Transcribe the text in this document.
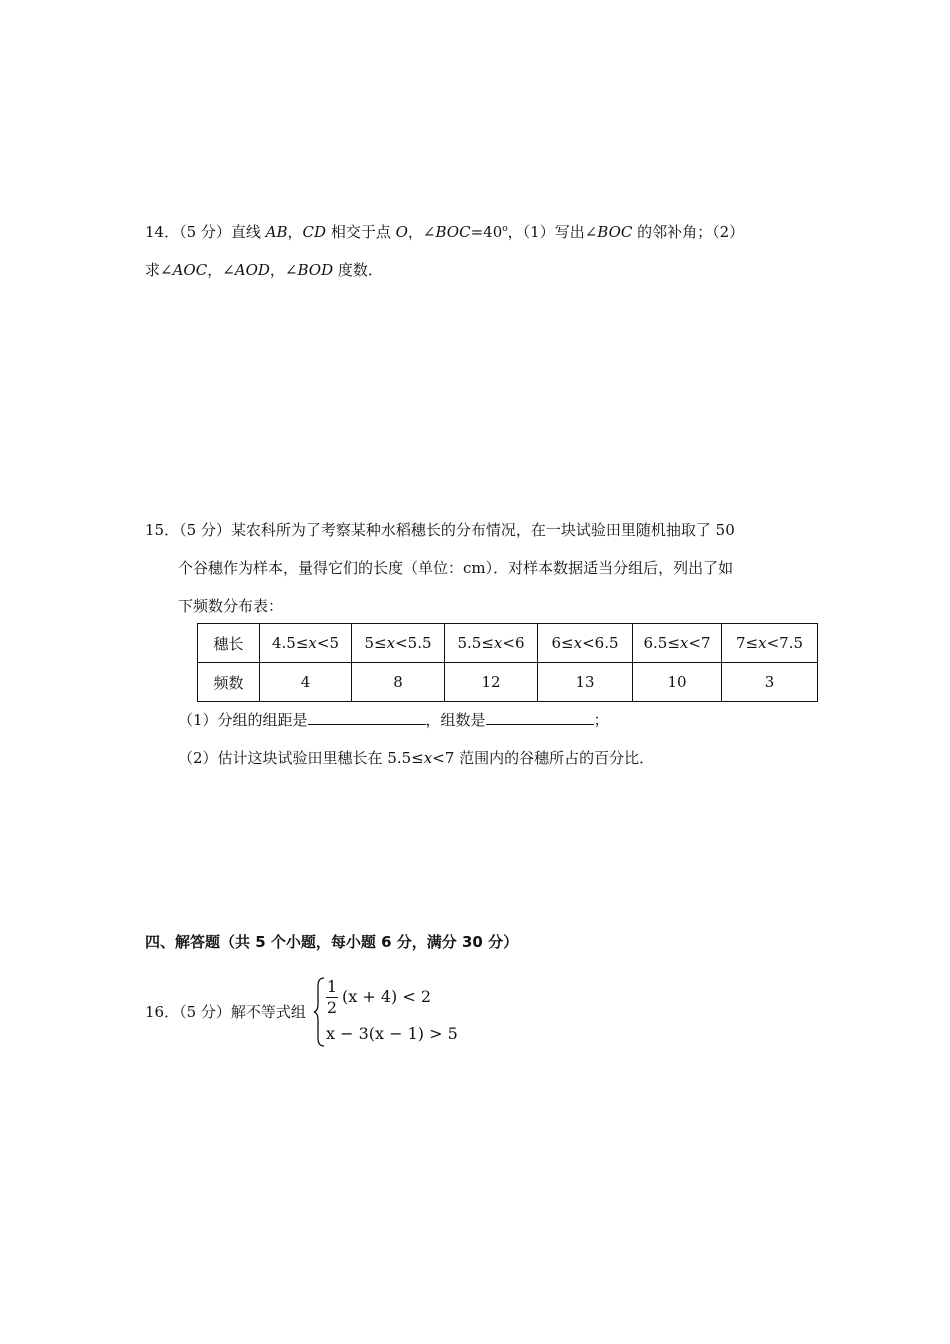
14．（5 分）直线 AB，CD 相交于点 O，$\angle BOC=40^o$，（1）写出∠BOC 的邻补角；（2）
求∠AOC，∠AOD，∠BOD 度数．
15．（5 分）某农科所为了考察某种水稻穗长的分布情况，在一块试验田里随机抽取了 50
个谷穗作为样本，量得它们的长度（单位：cm）．对样本数据适当分组后，列出了如
下频数分布表：
穗长	4.5≤x<5	5≤x<5.5	5.5≤x<6	6≤x<6.5	6.5≤x<7	7≤x<7.5
频数	4	8	12	13	10	3
（1）分组的组距是	，组数是	；
（2）估计这块试验田里穗长在 5.5≤x<7 范围内的谷穗所占的百分比．
四、解答题（共 5 个小题，每小题 6 分，满分 30 分）
16．（5 分）解不等式组
1
2
(x + 4) < 2
x − 3(x − 1) > 5
